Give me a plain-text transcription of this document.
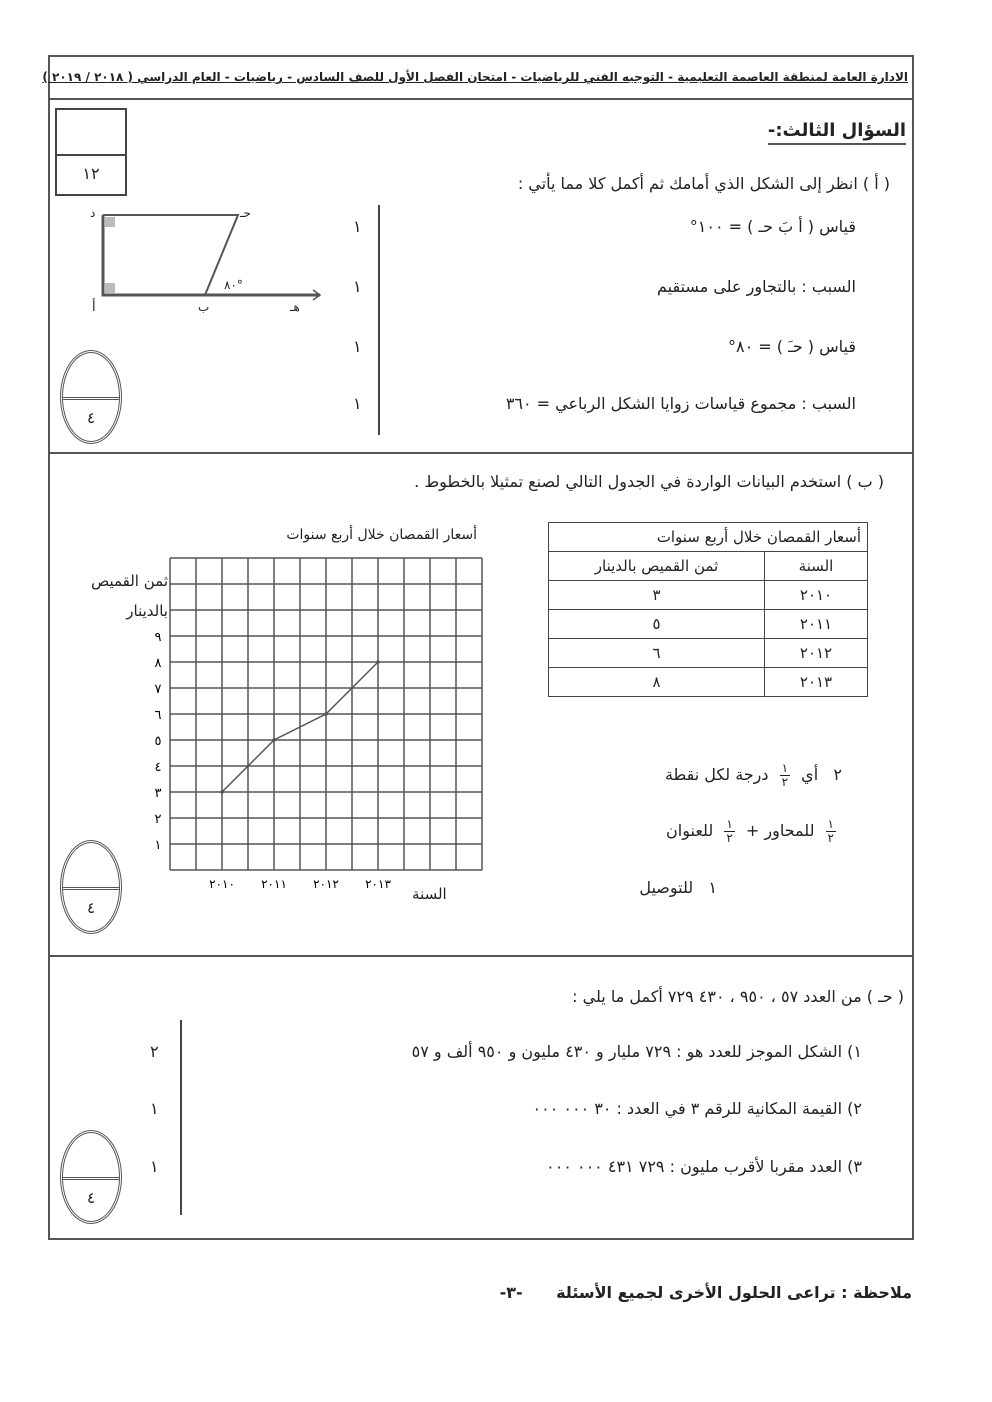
الادارة العامة لمنطقة العاصمة التعليمية - التوجيه الفني للرياضيات - امتحان الفصل الأول للصف السادس - رياضيات - العام الدراسي ( ٢٠١٨ / ٢٠١٩ )
١٢
السؤال الثالث:-
( أ ) انظر إلى الشكل الذي أمامك ثم أكمل كلا مما يأتي :
قياس ( أ بَ حـ ) = ١٠٠°
١
السبب : بالتجاور على مستقيم
١
قياس ( حـَ ) = ٨٠°
١
السبب : مجموع قياسات زوايا الشكل الرباعي = ٣٦٠
١
د	حـ
أ	ب	هـ
٨٠°
٤
( ب ) استخدم البيانات الواردة في الجدول التالي لصنع تمثيلا بالخطوط .
أسعار القمصان خلال أربع سنوات	
السنة	ثمن القميص بالدينار
٢٠١٠	٣
٢٠١١	٥
٢٠١٢	٦
٢٠١٣	٨
٢   أي
$\frac{١}{٢}$
درجة لكل نقطة
$\frac{١}{٢}$
للمحاور +
$\frac{١}{٢}$
للعنوان
١   للتوصيل
أسعار القمصان خلال أربع سنوات
ثمن القميص بالدينار
السنة
١
٢
٣
٤
٥
٦
٧
٨
٩
٢٠١٠ ٢٠١١ ٢٠١٢ ٢٠١٣
٤
( حـ ) من العدد ٥٧ ، ٩٥٠ ، ٤٣٠ ٧٢٩ أكمل ما يلي :
١) الشكل الموجز للعدد هو : ٧٢٩ مليار و ٤٣٠ مليون و ٩٥٠ ألف و ٥٧
٢
٢) القيمة المكانية للرقم ٣ في العدد : ٣٠ ٠٠٠ ٠٠٠
١
٣) العدد مقربا لأقرب مليون : ٧٢٩ ٤٣١ ٠٠٠ ٠٠٠
١
٤
ملاحظة : تراعى الحلول الأخرى لجميع الأسئلة      -٣-
